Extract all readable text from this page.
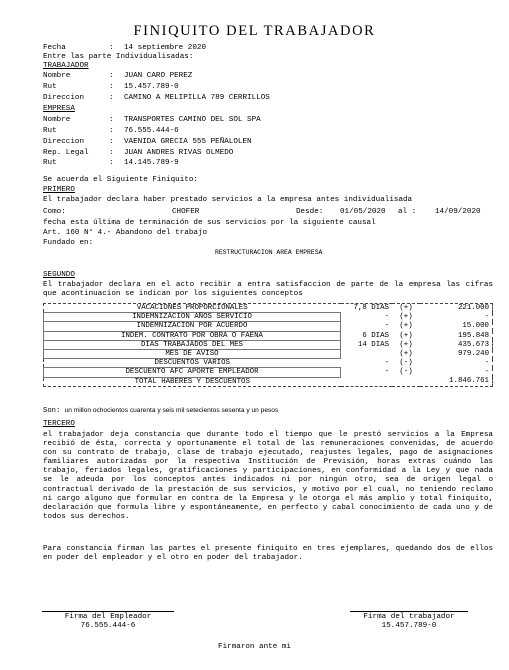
FINIQUITO DEL TRABAJADOR
Fecha	: 14 septiembre 2020
Entre las parte Individualisadas:
TRABAJADOR
Nombre	: JUAN CARO PEREZ
Rut	: 15.457.789-0
Direccion	: CAMINO A MELIPILLA 789 CERRILLOS
EMPRESA
Nombre	: TRANSPORTES CAMINO DEL SOL SPA
Rut	: 76.555.444-6
Direccion	: VAENIDA GRECIA 555 PEÑALOLEN
Rep. Legal	: JUAN ANDRES RIVAS OLMEDO
Rut	: 14.145.789-9
Se acuerda el Siguiente Finiquito:
PRIMERO
El trabajador declara haber prestado servicios a la empresa antes individualisada
Como:	CHOFER	Desde: 01/05/2020 al : 14/09/2020
fecha esta última de terminación de sus servicios por la siguiente causal
Art. 160 N° 4.- Abandono del trabajo
Fundado en:
RESTRUCTURACION AREA EMPRESA
SEGUNDO
El trabajador declara en el acto recibir a entra satisfaccion de parte de la empresa las cifras que acontinuacion se indican por los siguientes conceptos
VACACIONES PROPORCIONALES	7,8 DIAS	(+)	221.000
INDEMNIZACION AÑOS SERVICIO	-	(+)	-
INDEMNIZACION POR ACUERDO	-	(+)	15.000
INDEM. CONTRATO POR OBRA O FAENA	6 DIAS	(+)	195.848
DIAS TRABAJADOS DEL MES	14 DIAS	(+)	435.673
MES DE AVISO		(+)	979.240
DESCUENTOS VARIOS	-	(-)	-
DESCUENTO AFC APORTE EMPLEADOR	-	(-)	-
TOTAL HABERES Y DESCUENTOS			1.846.761
Son: un millon ochocientos cuarenta y seis mil setecientos sesenta y un pesos
TERCERO
el trabajador deja constancia que durante todo el tiempo que le prestó servicios a la Empresa recibió de ésta, correcta y oportunamente el total de las remuneraciones convenidas, de acuerdo con su contrato de trabajo, clase de trabajo ejecutado, reajustes legales, pago de asignaciones familiares autorizadas por la respectiva Institución de Previsión, horas extras cuándo las trabajo, feriados legales, gratificaciones y participaciones, en conformidad a la Ley y que nada se le adeuda por los conceptos antes indicados ni por ningún otro, sea de origen legal o contractual derivado de la prestación de sus servicios, y motivo por el cual, no teniendo reclamo ni cargo alguno que formular en contra de la Empresa y le otorga el más amplio y total finiquito, declaración que formula libre y espontáneamente, en perfecto y cabal conocimiento de cada uno y de todos sus derechos.
Para constancia firman las partes el presente finiquito en tres ejemplares, quedando dos de ellos en poder del empleador y el otro en poder del trabajador.
Firma del Empleador
76.555.444-6
Firma del trabajador
15.457.789-0
Firmaron ante mi
